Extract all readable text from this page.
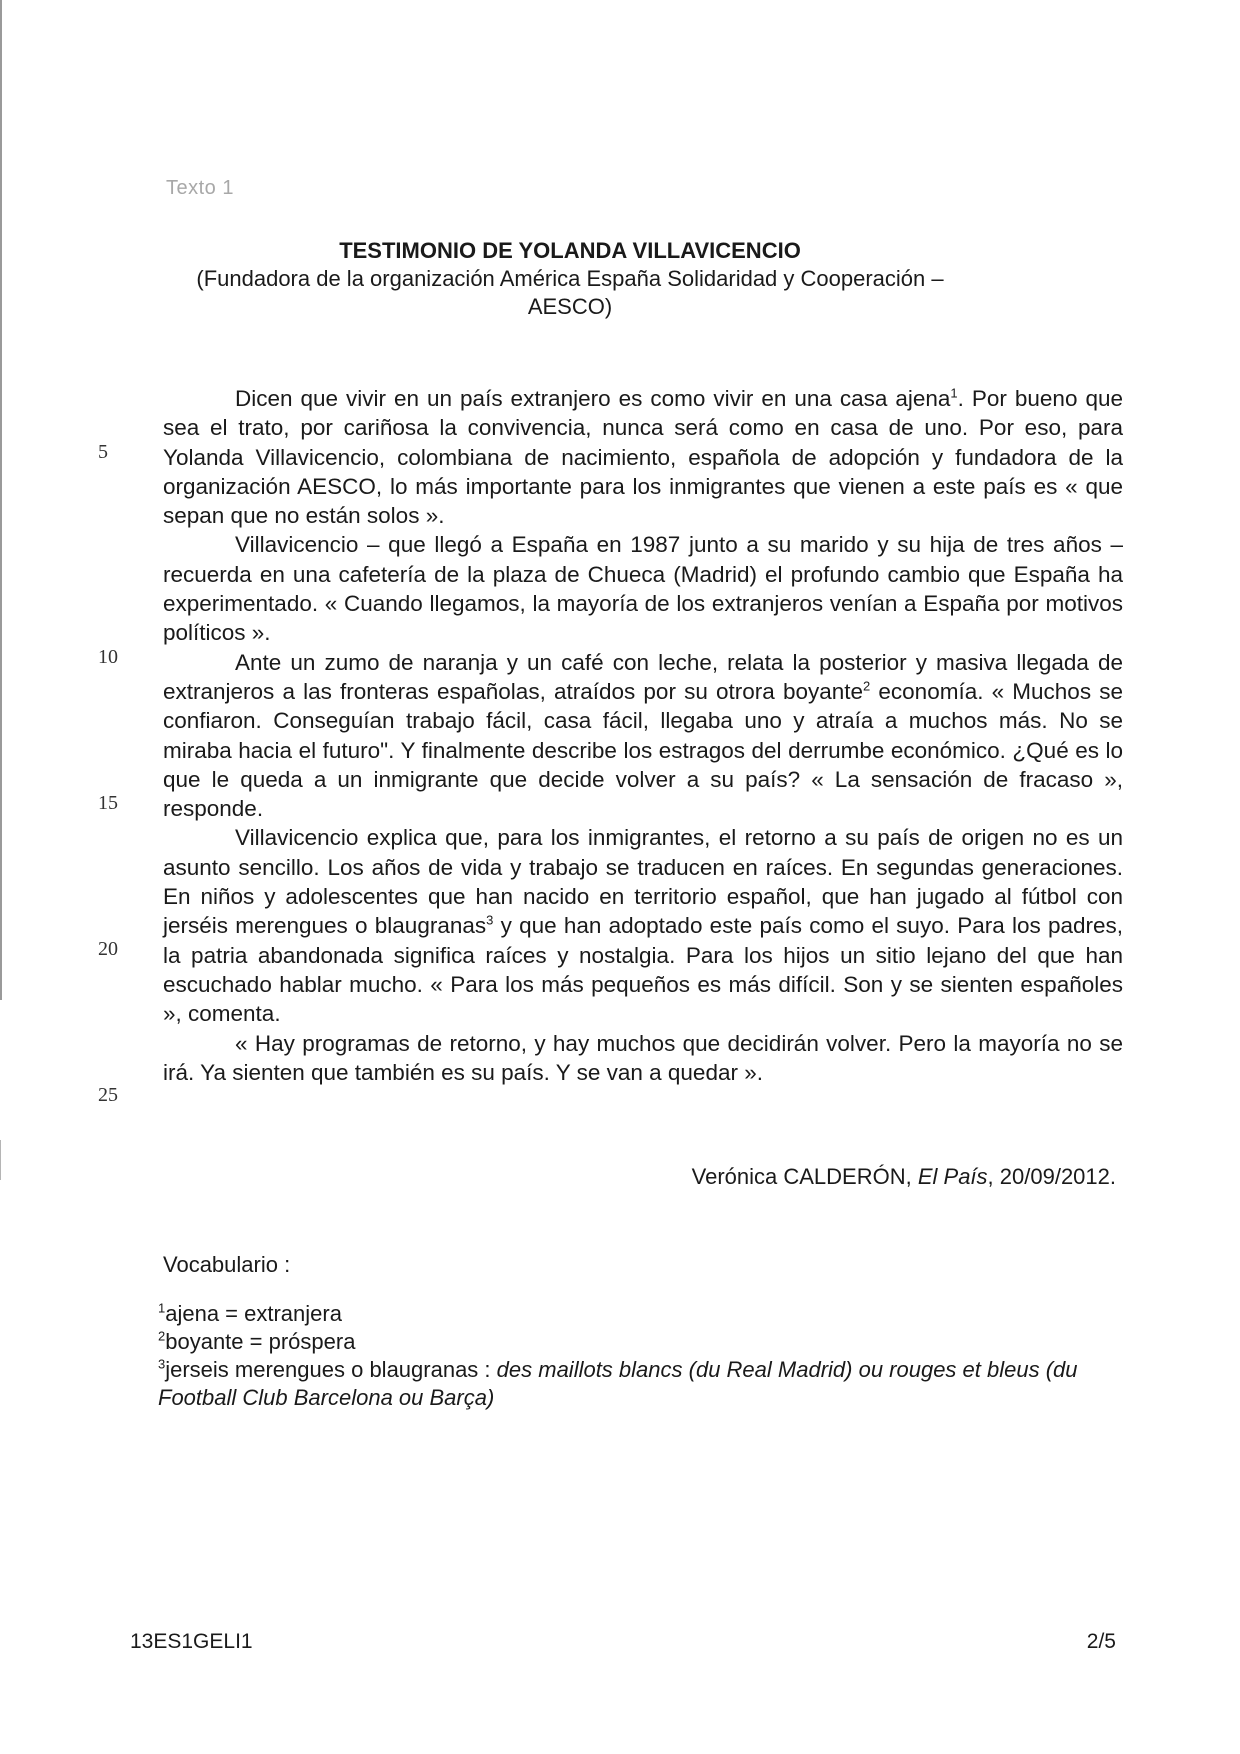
Texto 1
TESTIMONIO DE YOLANDA VILLAVICENCIO
(Fundadora de la organización América España Solidaridad y Cooperación –
AESCO)
5
10
15
20
25

Dicen que vivir en un país extranjero es como vivir en una casa ajena$^1$. Por bueno que sea el trato, por cariñosa la convivencia, nunca será como en casa de uno. Por eso, para Yolanda Villavicencio, colombiana de nacimiento, española de adopción y fundadora de la organización AESCO, lo más importante para los inmigrantes que vienen a este país es « que sepan que no están solos ».

Villavicencio – que llegó a España en 1987 junto a su marido y su hija de tres años – recuerda en una cafetería de la plaza de Chueca (Madrid) el profundo cambio que España ha experimentado. « Cuando llegamos, la mayoría de los extranjeros venían a España por motivos políticos ».

Ante un zumo de naranja y un café con leche, relata la posterior y masiva llegada de extranjeros a las fronteras españolas, atraídos por su otrora boyante$^2$ economía. « Muchos se confiaron. Conseguían trabajo fácil, casa fácil, llegaba uno y atraía a muchos más. No se miraba hacia el futuro". Y finalmente describe los estragos del derrumbe económico. ¿Qué es lo que le queda a un inmigrante que decide volver a su país? « La sensación de fracaso », responde.

Villavicencio explica que, para los inmigrantes, el retorno a su país de origen no es un asunto sencillo. Los años de vida y trabajo se traducen en raíces. En segundas generaciones. En niños y adolescentes que han nacido en territorio español, que han jugado al fútbol con jerséis merengues o blaugranas$^3$ y que han adoptado este país como el suyo. Para los padres, la patria abandonada significa raíces y nostalgia. Para los hijos un sitio lejano del que han escuchado hablar mucho. « Para los más pequeños es más difícil. Son y se sienten españoles », comenta.

« Hay programas de retorno, y hay muchos que decidirán volver. Pero la mayoría no se irá. Ya sienten que también es su país. Y se van a quedar ».

Verónica CALDERÓN, El País, 20/09/2012.
Vocabulario :

$^1$ajena = extranjera

$^2$boyante = próspera

$^3$jerseis merengues o blaugranas : des maillots blancs (du Real Madrid) ou rouges et bleus (du Football Club Barcelona ou Barça)

13ES1GELI1	2/5
